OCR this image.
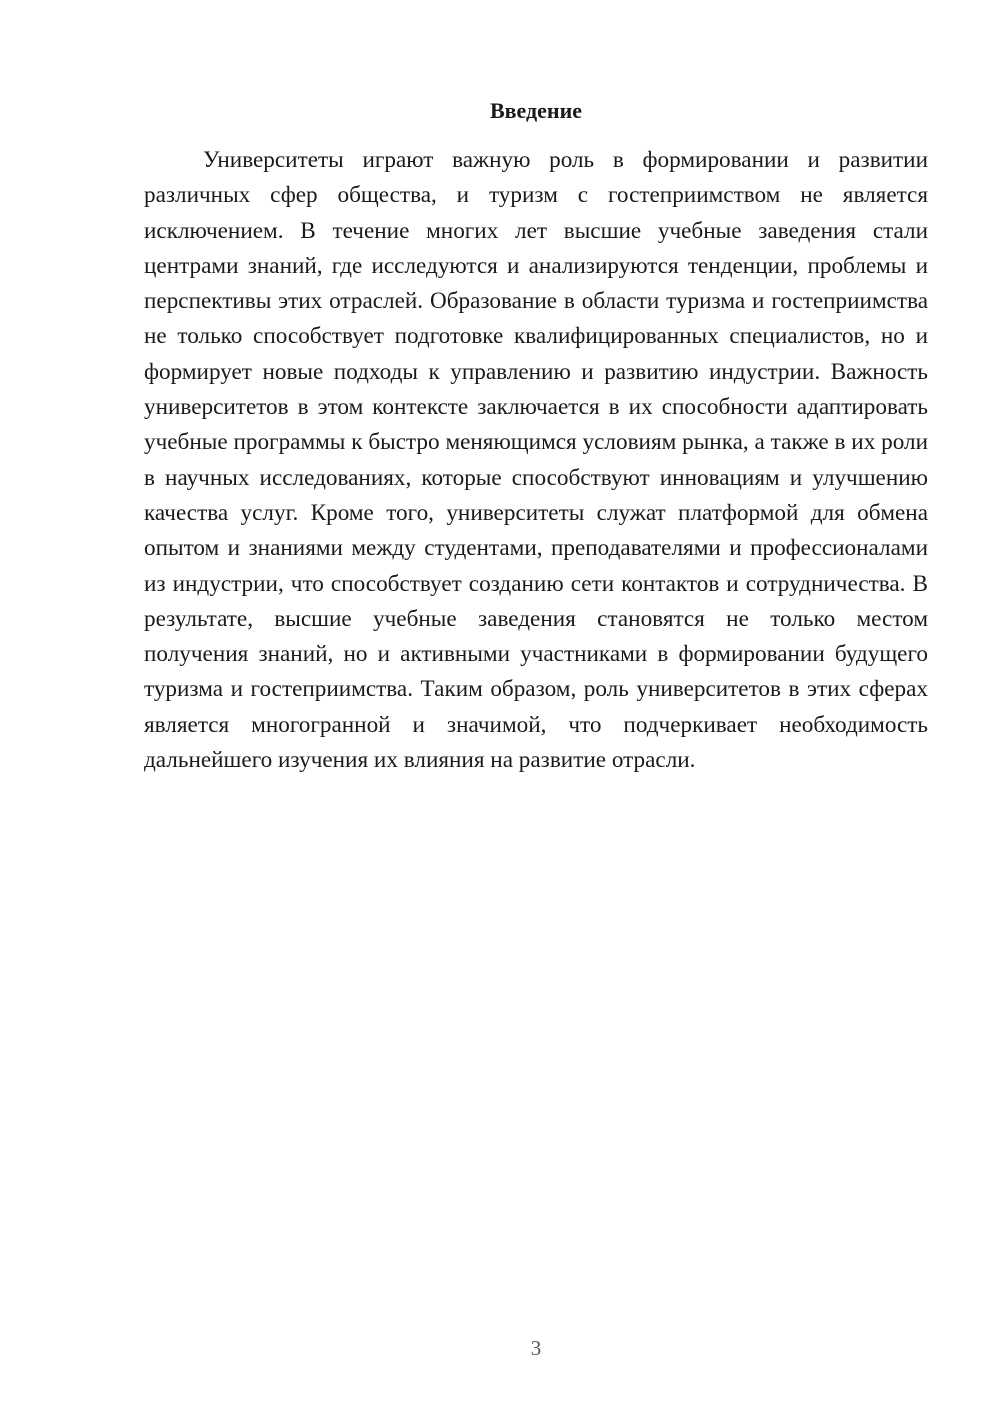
Введение

Университеты играют важную роль в формировании и развитии различных сфер общества, и туризм с гостеприимством не является исключением. В течение многих лет высшие учебные заведения стали центрами знаний, где исследуются и анализируются тенденции, проблемы и перспективы этих отраслей. Образование в области туризма и гостеприимства не только способствует подготовке квалифицированных специалистов, но и формирует новые подходы к управлению и развитию индустрии. Важность университетов в этом контексте заключается в их способности адаптировать учебные программы к быстро меняющимся условиям рынка, а также в их роли в научных исследованиях, которые способствуют инновациям и улучшению качества услуг. Кроме того, университеты служат платформой для обмена опытом и знаниями между студентами, преподавателями и профессионалами из индустрии, что способствует созданию сети контактов и сотрудничества. В результате, высшие учебные заведения становятся не только местом получения знаний, но и активными участниками в формировании будущего туризма и гостеприимства. Таким образом, роль университетов в этих сферах является многогранной и значимой, что подчеркивает необходимость дальнейшего изучения их влияния на развитие отрасли.

3
